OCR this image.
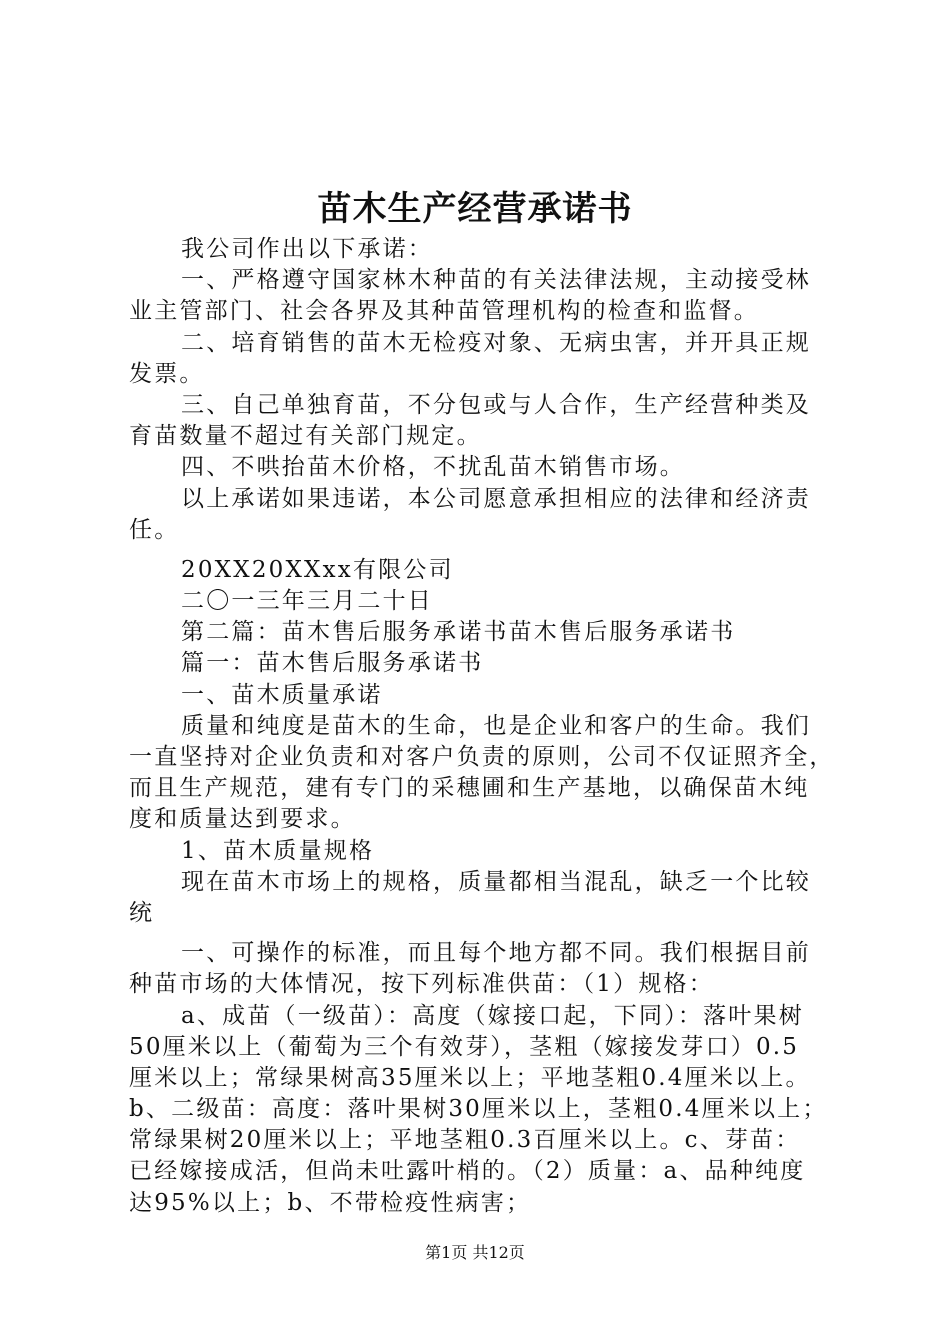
苗木生产经营承诺书
我公司作出以下承诺：
一、严格遵守国家林木种苗的有关法律法规，主动接受林
业主管部门、社会各界及其种苗管理机构的检查和监督。
二、培育销售的苗木无检疫对象、无病虫害，并开具正规
发票。
三、自己单独育苗，不分包或与人合作，生产经营种类及
育苗数量不超过有关部门规定。
四、不哄抬苗木价格，不扰乱苗木销售市场。
以上承诺如果违诺，本公司愿意承担相应的法律和经济责
任。
20XX20XXxx有限公司
二〇一三年三月二十日
第二篇：苗木售后服务承诺书苗木售后服务承诺书
篇一：苗木售后服务承诺书
一、苗木质量承诺
质量和纯度是苗木的生命，也是企业和客户的生命。我们
一直坚持对企业负责和对客户负责的原则，公司不仅证照齐全，
而且生产规范，建有专门的采穗圃和生产基地，以确保苗木纯
度和质量达到要求。
1、苗木质量规格
现在苗木市场上的规格，质量都相当混乱，缺乏一个比较
统
一、可操作的标准，而且每个地方都不同。我们根据目前
种苗市场的大体情况，按下列标准供苗：（1）规格：
a、成苗（一级苗）：高度（嫁接口起，下同）：落叶果树
50厘米以上（葡萄为三个有效芽），茎粗（嫁接发芽口）0.5
厘米以上；常绿果树高35厘米以上；平地茎粗0.4厘米以上。
b、二级苗：高度：落叶果树30厘米以上，茎粗0.4厘米以上；
常绿果树20厘米以上；平地茎粗0.3百厘米以上。c、芽苗：
已经嫁接成活，但尚未吐露叶梢的。（2）质量：a、品种纯度
达95%以上；b、不带检疫性病害；
第1页 共12页
